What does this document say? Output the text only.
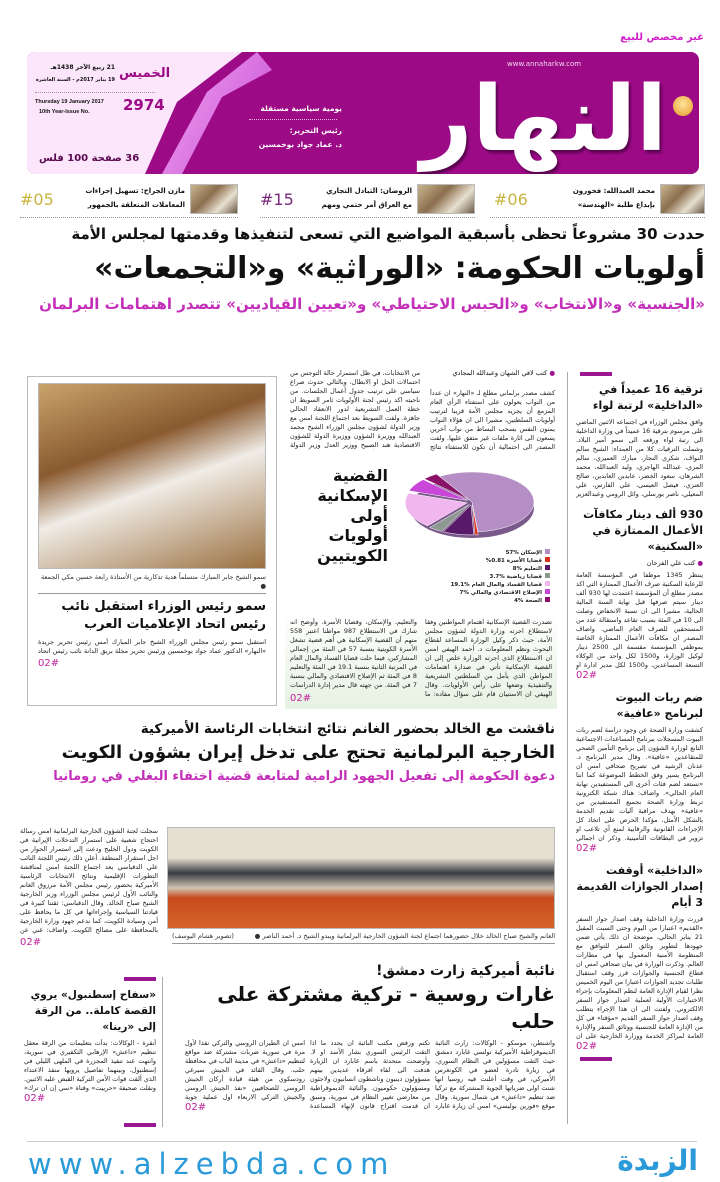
غير مخصص للبيع
الخميس
21 ربيع الآخر 1438هـ
19 يناير 2017م - السنة العاشرة
Thursday 19 January 2017
10th Year-Issue No. 2974
36 صفحة 100 فلس
www.annaharkw.com
يومية سياسية مستقلة
رئيس التحرير:
د. عماد جواد بوخمسين النهار
محمد العبدالله: فخورون
بإبداع طلبة «الهندسة»
#06
الروضان: التبادل التجاري
مع العراق أمر حتمي ومهم
#15
مازن الجراح: تسهيل إجراءات
المعاملات المتعلقة بالجمهور
#05
حددت 30 مشروعاً تحظى بأسبقية المواضيع التي تسعى لتنفيذها وقدمتها لمجلس الأمة
أولويات الحكومة: «الوراثية» و«التجمعات»
«الجنسية» و«الانتخاب» و«الحبس الاحتياطي» و«تعيين القياديين» تتصدر اهتمامات البرلمان
سمو الشيخ جابر المبارك متسلماً هدية تذكارية من الأستاذة رابعة حسين مكي الجمعة ●
سمو رئيس الوزراء استقبل نائب رئيس اتحاد الإعلاميات العرب
استقبل سمو رئيس مجلس الوزراء الشيخ جابر المبارك أمس رئيس تحرير جريدة «النهار» الدكتور عماد جواد بوخمسين ورئيس تحرير مجلة بريق الدانة نائب رئيس اتحاد
02#
● كتب لافي الشهان وعبدالله المجادي
كشف مصدر برلماني مطلع لـ «النهار» ان عدداً من النواب يعولون على استفتاء الرأي العام المزمع أن يجريه مجلس الأمة قريبا لترتيب أولويات السلطتين، مشيرا الى ان هؤلاء النواب يمنون النفس بسحب البساط من نواب آخرين يسعون الى اثارة ملفات غير متفق عليها. ولفت المصدر الى احتمالية أن تكون للاستفتاء نتائج
من الانتخابات، في ظل استمرار حالة التوجس من احتمالات الحل او الابطال، وبالتالي حدوث صراع سياسي على ترتيب جدول أعمال الجلسات. من ناحيته اكد رئيس لجنة الأولويات ثامر السويط ان خطة العمل التشريعية لدور الانعقاد الحالي جاهزة. ولفت السويط بعد اجتماع اللجنة امس مع وزير الدولة لشؤون مجلس الوزراء الشيخ محمد العبدالله ووزيرة الشؤون ووزيرة الدولة للشؤون الاقتصادية هند الصبيح ووزير العدل وزير الدولة
القضية الإسكانية أولى أولويات الكويتيين	الإسكان %57
قضايا الأسرة 0.81%
التعليم %8
قضايا رياضية %3.7
قضايا الفساد والمال العام %19.1
الإصلاح الاقتصادي والمالي %7
الصحة %4
تصدرت القضية الإسكانية اهتمام المواطنين وفقا لاستطلاع اجرته وزارة الدولة لشؤون مجلس الأمة، حيث ذكر وكيل الوزارة المساعد لقطاع البحوث ونظم المعلومات د. أحمد الهيفي امس ان الاستطلاع الذي اجرته الوزارة خلص إلى ان القضية الإسكانية تأتي في صدارة اهتمامات المواطن الذي يأمل من السلطتين التشريعية والتنفيذية وضعها على رأس الأولويات. وقال الهيفي ان الاستبيان قام على سؤال مفاده: ما
والتعليم، والإسكان، وقضايا الأسرة. وأوضح انه شارك في الاستطلاع 987 مواطنا اعتبر 558 منهم أن القضية الإسكانية هي أهم قضية تشغل الأسرة الكويتية بنسبة 57 في المئة من إجمالي المشاركين، فيما حلت قضايا الفساد والمال العام في المرتبة الثانية بنسبة 19.1 في المئة والتعليم 8 في المئة ثم الإصلاح الاقتصادي والمالي بنسبة 7 في المئة. من جهته قال مدير إدارة الدراسات
02#
ترقية 16 عميداً في «الداخلية» لرتبة لواء
وافق مجلس الوزراء في اجتماعه الاثنين الماضي على مرسوم بترقية 16 عميداً في وزارة الداخلية الى رتبة لواء ورفعه الى سمو أمير البلاد. وشملت الترقيات كلا من العمداء: الشيخ سالم النواف، شكري النجار، مبارك العميري، سالم المري، عبدالله الهاجري، وليد العبدالله، محمد الشرهان، سعود الخضر، عابدين العابدين، صالح العنزي، فيصل العيسى، علي الفارس، علي المعيلي، ناصر بورسلي، وائل الرومي وعبدالعزيز
930 ألف دينار مكافآت الأعمال الممتازة في «السكنية»
● كتب علي الفرحان
ينتظر 1345 موظفا في المؤسسة العامة للرعاية السكنية صرف الأعمال الممتازة التي اكد مصدر مطلع أن المؤسسة اعتمدت لها 930 ألف دينار سيتم صرفها قبل نهاية السنة المالية الحالية، مشيرا الى ان نسبة الانخفاض وصلت الى 10 في المئة بسبب تقاعد واستقالة عدد من المستحقين للصرف العام الماضي. واضاف المصدر ان مكافآت الأعمال الممتازة الخاصة بموظفي المؤسسة مقسمة الى 2500 دينار لوكيل الوزارة، و1500 لكل واحد من الوكلاء التسعة المساعدين، و1500 لكل مدير ادارة او
02#
ضم ربات البيوت لبرنامج «عافية»
كشفت وزارة الصحة عن وجود دراسة لضم ربات البيوت المسجلات ببرنامج المساعدات الاجتماعية التابع لوزارة الشؤون إلى برنامج التأمين الصحي للمتقاعدين «عافية». وقال مدير البرنامج د. عدنان الرشيد في تصريح صحافي امس ان البرنامج يسير وفق الخطط الموضوعة كما اننا «نستعد لضم فئات أخرى الى المستفيدين نهاية العام الحالي». واضاف: هناك شبكة الكترونية تربط وزارة الصحة بجميع المستفيدين من «عافية» بهدف مراقبة آليات تقديم الخدمة بالشكل الأمثل، مؤكدا الحرص على اتخاذ كل الإجراءات القانونية والرقابية لمنع أي تلاعب او تزوير في البطاقات التأمينية. وذكر ان اجمالي
02#
«الداخلية» أوقفت إصدار الجوازات القديمة 3 أيام
قررت وزارة الداخلية وقف اصدار جواز السفر «القديم» اعتبارا من اليوم وحتى السبت المقبل 21 يناير الحالي، موضحة ان ذلك يأتي ضمن جهودها لتطوير وثائق السفر للتوافق مع المنظومة الأمنية المعمول بها في مطارات العالم. وذكرت الوزارة في بيان صحافي امس ان قطاع الجنسية والجوازات قرر وقف استقبال طلبات تجديد الجوازات اعتبارا من اليوم الخميس نظرا لقيام الإدارة العامة لنظم المعلومات بإجراء الاختبارات الأولية لعملية اصدار جواز السفر الالكتروني. ولفتت الى ان هذا الإجراء يتطلب وقف اصدار جواز السفر القديم «مؤقتا» في كل من الإدارة العامة للجنسية ووثائق السفر والإدارة العامة لمراكز الخدمة ووزارة الخارجية على ان
02#
ناقشت مع الخالد بحضور الغانم نتائج انتخابات الرئاسة الأميركية
الخارجية البرلمانية تحتج على تدخل إيران بشؤون الكويت
دعوة الحكومة إلى تفعيل الجهود الرامية لمتابعة قضية اختفاء البغلي في رومانيا
سجلت لجنة الشؤون الخارجية البرلمانية امس رسالة احتجاج شعبية على استمرار التدخلات الإيرانية في الكويت ودول الخليج ودعت إلى استمرار الحوار من اجل استقرار المنطقة. أعلن ذلك رئيس اللجنة النائب علي الدقباسي بعد اجتماع اللجنة امس لمناقشة التطورات الإقليمية ونتائج الانتخابات الرئاسية الأميركية بحضور رئيس مجلس الأمة مرزوق الغانم والنائب الأول لرئيس مجلس الوزراء وزير الخارجية الشيخ صباح الخالد. وقال الدقباسي: ثقتنا كبيرة في قيادتنا السياسية وإجراءاتها في كل ما يحافظ على أمن وسيادة الكويت، كما ندعم جهود وزارة الخارجية بالمحافظة على مصالح الكويت. واضاف: غني عن
02#
(تصوير هشام اليوسف)	الغانم والشيخ صباح الخالد خلال حضورهما اجتماع لجنة الشؤون الخارجية البرلمانية ويبدو الشيخ د. أحمد الناصر ●
«سفاح إسطنبول» يروي القصة كاملة.. من الرقة إلى «رينا»
أنقرة - الوكالات: بدأت بتعليمات من الرقة معقل تنظيم «داعش» الإرهابي التكفيري في سورية، وانتهت عند تنفيذ المجزرة في الملهى الليلي في إسطنبول، وبينهما تفاصيل يرويها منفذ الاعتداء الذي ألقت قوات الأمن التركية القبض عليه الاثنين. ونقلت صحيفة «حرييت» وقناة «سي إن ان ترك»
02#
نائبة أميركية زارت دمشق!
غارات روسية - تركية مشتركة على حلب
واشنطن، موسكو - الوكالات: زارت النائبة الديموقراطية الأميركية تولسي غابارد دمشق حيث التقت مسؤولين في النظام السوري، في زيارة نادرة لعضو في الكونغرس الأميركي، في وقت أعلنت فيه روسيا انها شنت اولى ضرباتها الجوية المشتركة مع تركيا ضد تنظيم «داعش» في شمال سورية. وقال موقع «فورين بوليسي» امس ان زيارة غابارد
تكتم ورفض مكتب النائبة ان يحدد ما اذا التقت الرئيس السوري بشار الأسد او لا. وأوضحت متحدثة باسم غابارد ان الزيارة هدفت الى لقاء افرقاء عديدين بينهم مسؤولون دينيون وناشطون انسانيون ولاجئون ومسؤولون حكوميون. والنائبة الديموقراطية من معارضي تغيير النظام في سورية، وسبق ان قدمت اقتراح قانون لإنهاء المساعدة
امس ان الطيران الروسي والتركي نفذا لأول مرة في سورية ضربات مشتركة ضد مواقع لتنظيم «داعش» في مدينة الباب في محافظة حلب. وقال القائد في الجيش سيرغي رودسكوي من هيئة قيادة أركان الجيش الروسي للصحافيين «نفذ الجيش الروسي والجيش التركي الاربعاء اول عملية جوية
02#
www.alzebda.com	الزبدة
